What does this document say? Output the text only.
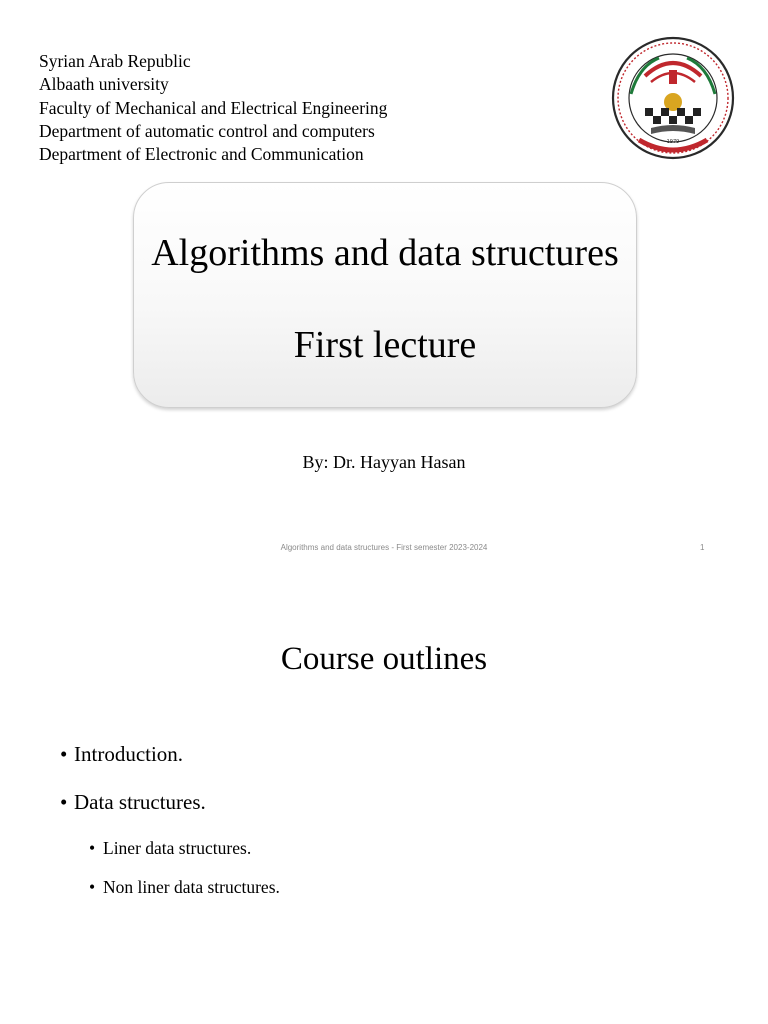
Syrian Arab Republic
Albaath university
Faculty of Mechanical and Electrical Engineering
Department of automatic control and computers
Department of Electronic and Communication
1979
Algorithms and data structures
First lecture
By: Dr. Hayyan Hasan
Algorithms and data structures - First semester 2023-2024	1
Course outlines
• Introduction.
• Data structures.
• Liner data structures.
• Non liner data structures.
